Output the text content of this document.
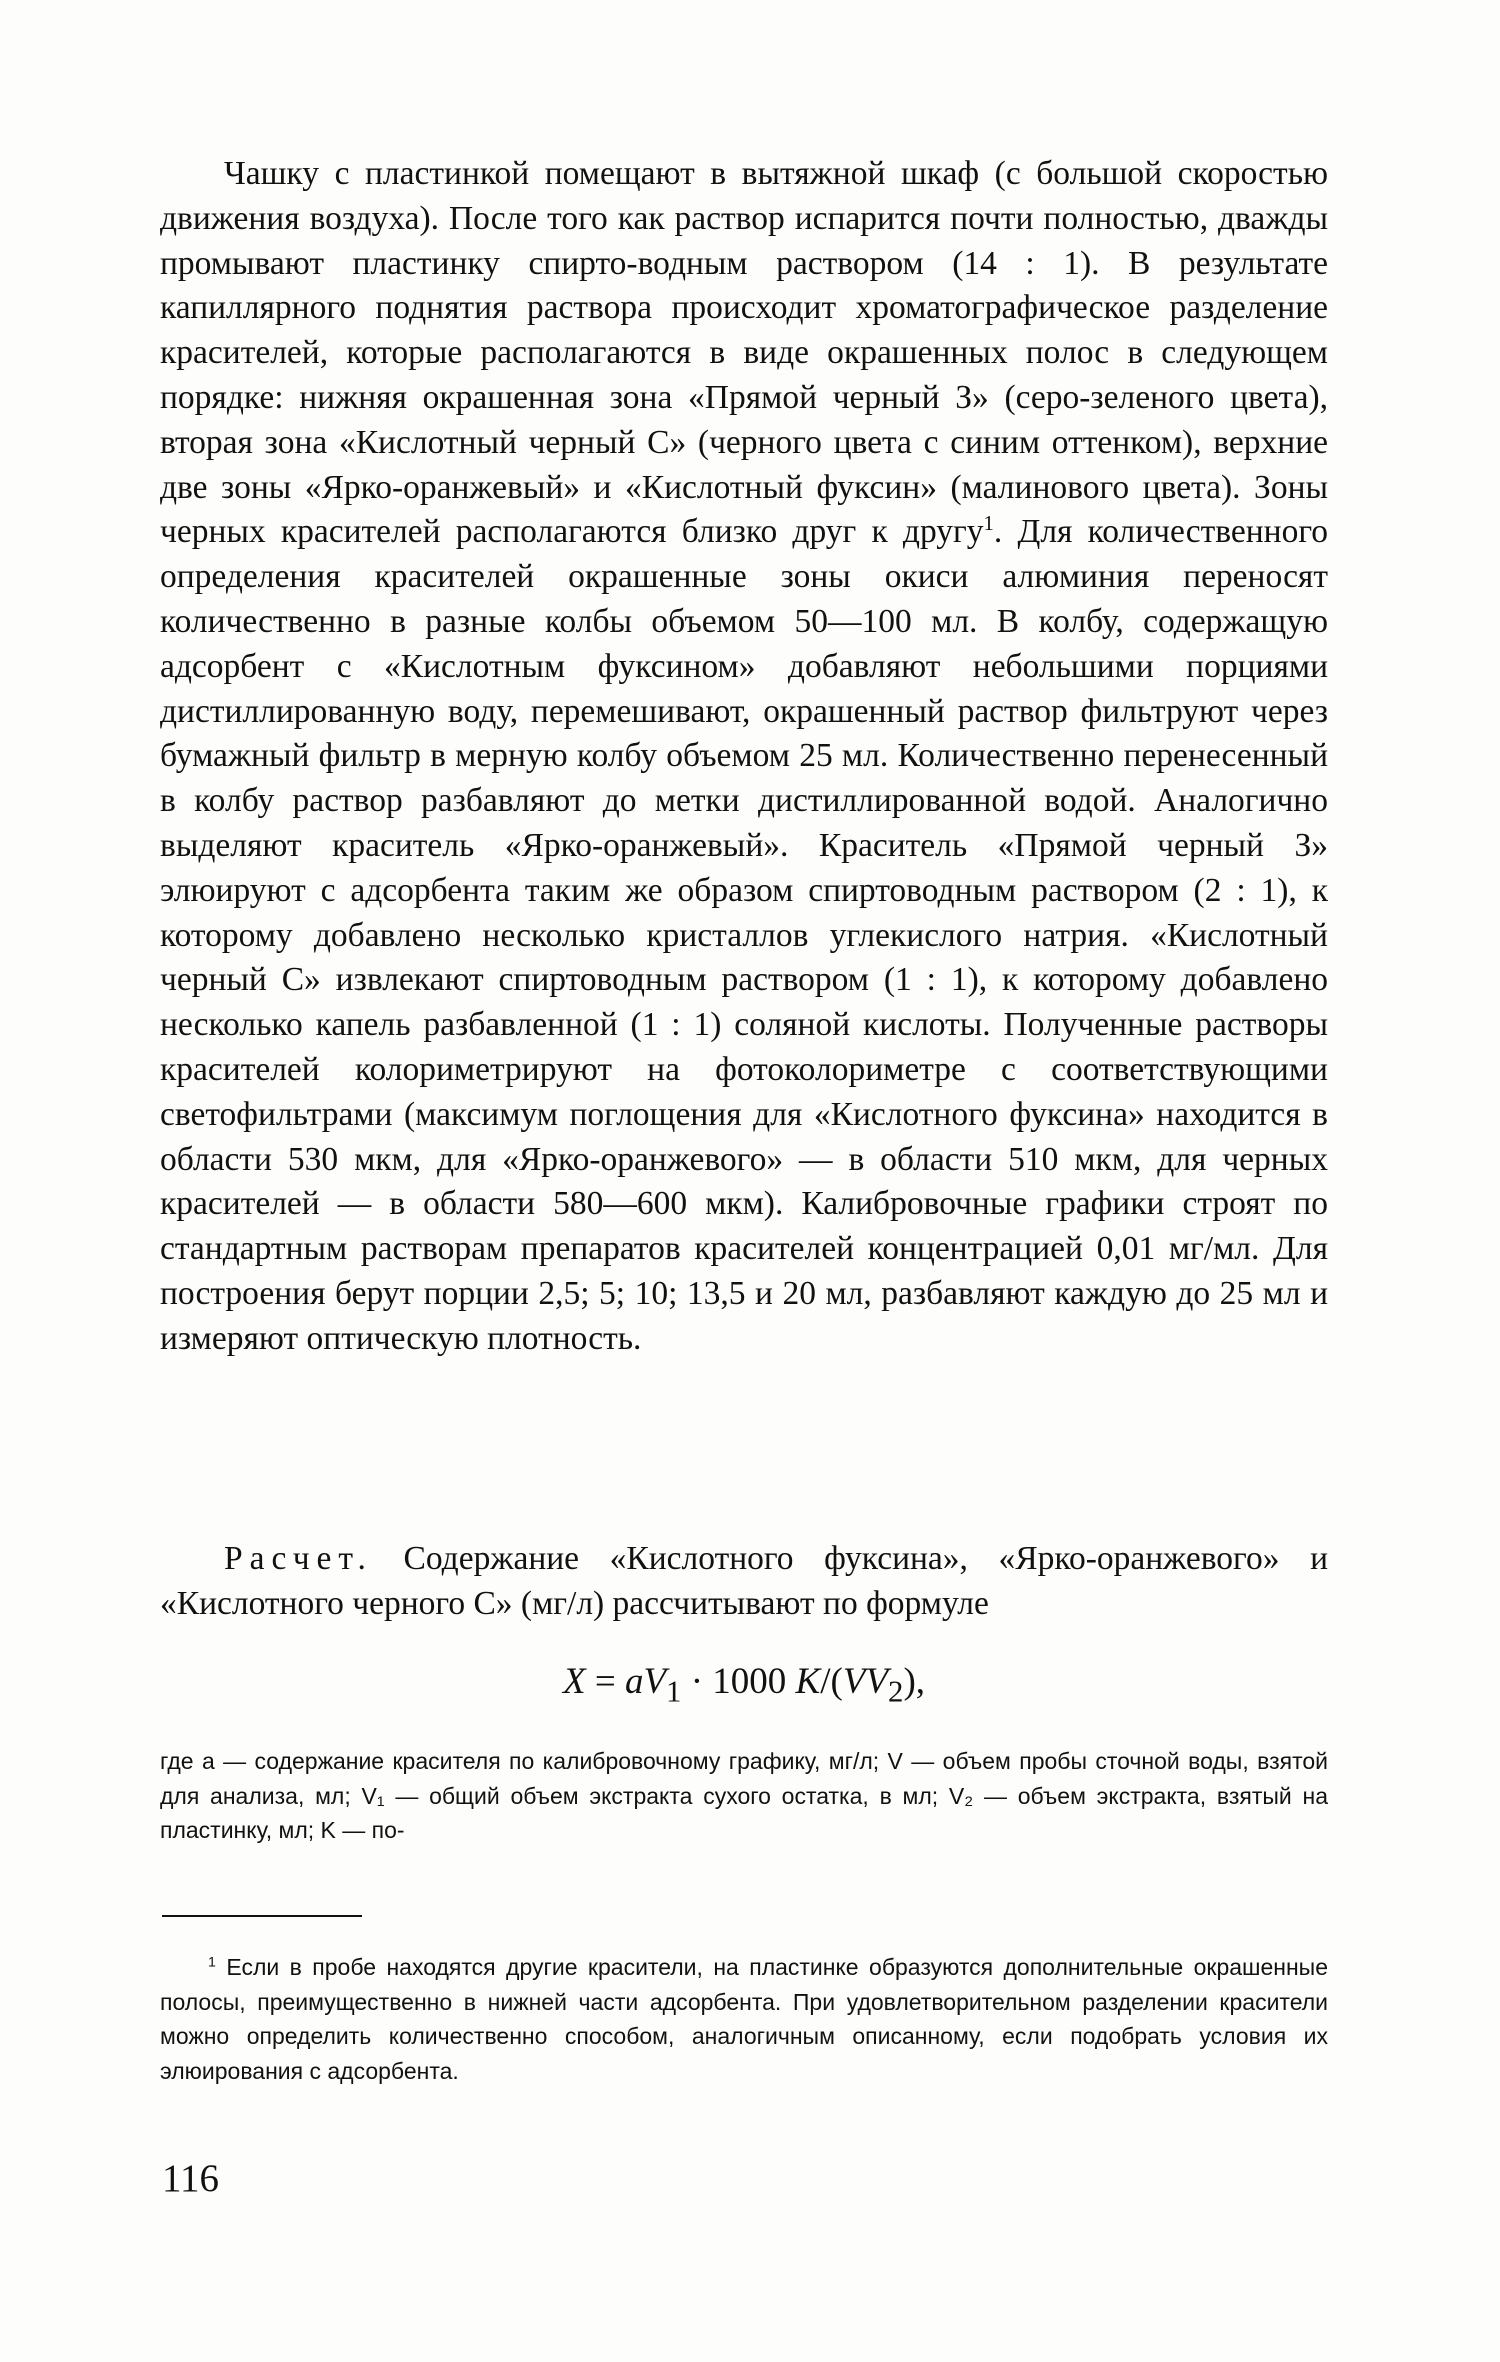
Чашку с пластинкой помещают в вытяжной шкаф (с большой скоростью движения воздуха). После того как раствор испарится почти полностью, дважды промывают пластинку спирто-водным раствором (14 : 1). В результате капиллярного поднятия раствора происходит хроматографическое разделение красителей, которые располагаются в виде окрашенных полос в следующем порядке: нижняя окрашенная зона «Прямой черный З» (серо-зеленого цвета), вторая зона «Кислотный черный С» (черного цвета с синим оттенком), верхние две зоны «Ярко-оранжевый» и «Кислотный фуксин» (малинового цвета). Зоны черных красителей располагаются близко друг к другу$^1$. Для количественного определения красителей окрашенные зоны окиси алюминия переносят количественно в разные колбы объемом 50—100 мл. В колбу, содержащую адсорбент с «Кислотным фуксином» добавляют небольшими порциями дистиллированную воду, перемешивают, окрашенный раствор фильтруют через бумажный фильтр в мерную колбу объемом 25 мл. Количественно перенесенный в колбу раствор разбавляют до метки дистиллированной водой. Аналогично выделяют краситель «Ярко-оранжевый». Краситель «Прямой черный З» элюируют с адсорбента таким же образом спиртоводным раствором (2 : 1), к которому добавлено несколько кристаллов углекислого натрия. «Кислотный черный С» извлекают спиртоводным раствором (1 : 1), к которому добавлено несколько капель разбавленной (1 : 1) соляной кислоты. Полученные растворы красителей колориметрируют на фотоколориметре с соответствующими светофильтрами (максимум поглощения для «Кислотного фуксина» находится в области 530 мкм, для «Ярко-оранжевого» — в области 510 мкм, для черных красителей — в области 580—600 мкм). Калибровочные графики строят по стандартным растворам препаратов красителей концентрацией 0,01 мг/мл. Для построения берут порции 2,5; 5; 10; 13,5 и 20 мл, разбавляют каждую до 25 мл и измеряют оптическую плотность.

Расчет. Содержание «Кислотного фуксина», «Ярко-оранжевого» и «Кислотного черного С» (мг/л) рассчитывают по формуле

$X = aV_1 \cdot 1000$ $K/(VV_2)$,

где a — содержание красителя по калибровочному графику, мг/л; V — объем пробы сточной воды, взятой для анализа, мл; V₁ — общий объем экстракта сухого остатка, в мл; V₂ — объем экстракта, взятый на пластинку, мл; K — по-

$^1$ Если в пробе находятся другие красители, на пластинке образуются дополнительные окрашенные полосы, преимущественно в нижней части адсорбента. При удовлетворительном разделении красители можно определить количественно способом, аналогичным описанному, если подобрать условия их элюирования с адсорбента.

116
